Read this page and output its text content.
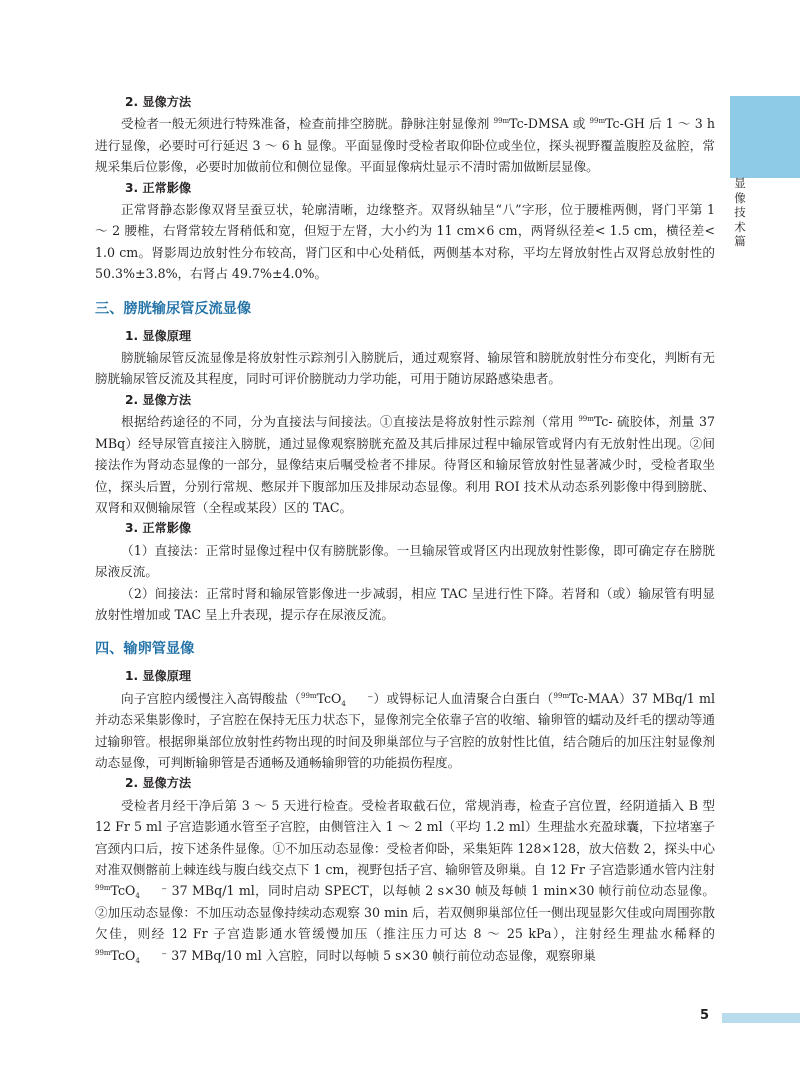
显像技术篇
2. 显像方法

受检者一般无须进行特殊准备，检查前排空膀胱。静脉注射显像剂 $^{99m}$Tc-DMSA 或 $^{99m}$Tc-GH 后 1 ～ 3 h 进行显像，必要时可行延迟 3 ～ 6 h 显像。平面显像时受检者取仰卧位或坐位，探头视野覆盖腹腔及盆腔，常规采集后位影像，必要时加做前位和侧位显像。平面显像病灶显示不清时需加做断层显像。

3. 正常影像

正常肾静态影像双肾呈蚕豆状，轮廓清晰，边缘整齐。双肾纵轴呈“八”字形，位于腰椎两侧，肾门平第 1 ～ 2 腰椎，右肾常较左肾稍低和宽，但短于左肾，大小约为 11 cm×6 cm，两肾纵径差< 1.5 cm，横径差< 1.0 cm。肾影周边放射性分布较高，肾门区和中心处稍低，两侧基本对称，平均左肾放射性占双肾总放射性的 50.3%±3.8%，右肾占 49.7%±4.0%。

三、膀胱输尿管反流显像
1. 显像原理

膀胱输尿管反流显像是将放射性示踪剂引入膀胱后，通过观察肾、输尿管和膀胱放射性分布变化，判断有无膀胱输尿管反流及其程度，同时可评价膀胱动力学功能，可用于随访尿路感染患者。

2. 显像方法

根据给药途径的不同，分为直接法与间接法。①直接法是将放射性示踪剂（常用 $^{99m}$Tc- 硫胶体，剂量 37 MBq）经导尿管直接注入膀胱，通过显像观察膀胱充盈及其后排尿过程中输尿管或肾内有无放射性出现。②间接法作为肾动态显像的一部分，显像结束后嘱受检者不排尿。待肾区和输尿管放射性显著减少时，受检者取坐位，探头后置，分别行常规、憋尿并下腹部加压及排尿动态显像。利用 ROI 技术从动态系列影像中得到膀胱、双肾和双侧输尿管（全程或某段）区的 TAC。

3. 正常影像

（1）直接法：正常时显像过程中仅有膀胱影像。一旦输尿管或肾区内出现放射性影像，即可确定存在膀胱尿液反流。

（2）间接法：正常时肾和输尿管影像进一步减弱，相应 TAC 呈进行性下降。若肾和（或）输尿管有明显放射性增加或 TAC 呈上升表现，提示存在尿液反流。

四、输卵管显像
1. 显像原理

向子宫腔内缓慢注入高锝酸盐（$^{99m}$TcO	−
4 ）或锝标记人血清聚合白蛋白（$^{99m}$Tc-MAA）37 MBq/1 ml 并动态采集影像时，子宫腔在保持无压力状态下，显像剂完全依靠子宫的收缩、输卵管的蠕动及纤毛的摆动等通过输卵管。根据卵巢部位放射性药物出现的时间及卵巢部位与子宫腔的放射性比值，结合随后的加压注射显像剂动态显像，可判断输卵管是否通畅及通畅输卵管的功能损伤程度。

2. 显像方法

受检者月经干净后第 3 ～ 5 天进行检查。受检者取截石位，常规消毒，检查子宫位置，经阴道插入 B 型 12 Fr 5 ml 子宫造影通水管至子宫腔，由侧管注入 1 ～ 2 ml（平均 1.2 ml）生理盐水充盈球囊，下拉堵塞子宫颈内口后，按下述条件显像。①不加压动态显像：受检者仰卧，采集矩阵 128×128，放大倍数 2，探头中心对准双侧髂前上棘连线与腹白线交点下 1 cm，视野包括子宫、输卵管及卵巢。自 12 Fr 子宫造影通水管内注射 $^{99m}$TcO	−
4 37 MBq/1 ml，同时启动 SPECT，以每帧 2 s×30 帧及每帧 1 min×30 帧行前位动态显像。②加压动态显像：不加压动态显像持续动态观察 30 min 后，若双侧卵巢部位任一侧出现显影欠佳或向周围弥散欠佳，则经 12 Fr 子宫造影通水管缓慢加压（推注压力可达 8 ～ 25 kPa），注射经生理盐水稀释的 $^{99m}$TcO	−
4 37 MBq/10 ml 入宫腔，同时以每帧 5 s×30 帧行前位动态显像，观察卵巢

5
